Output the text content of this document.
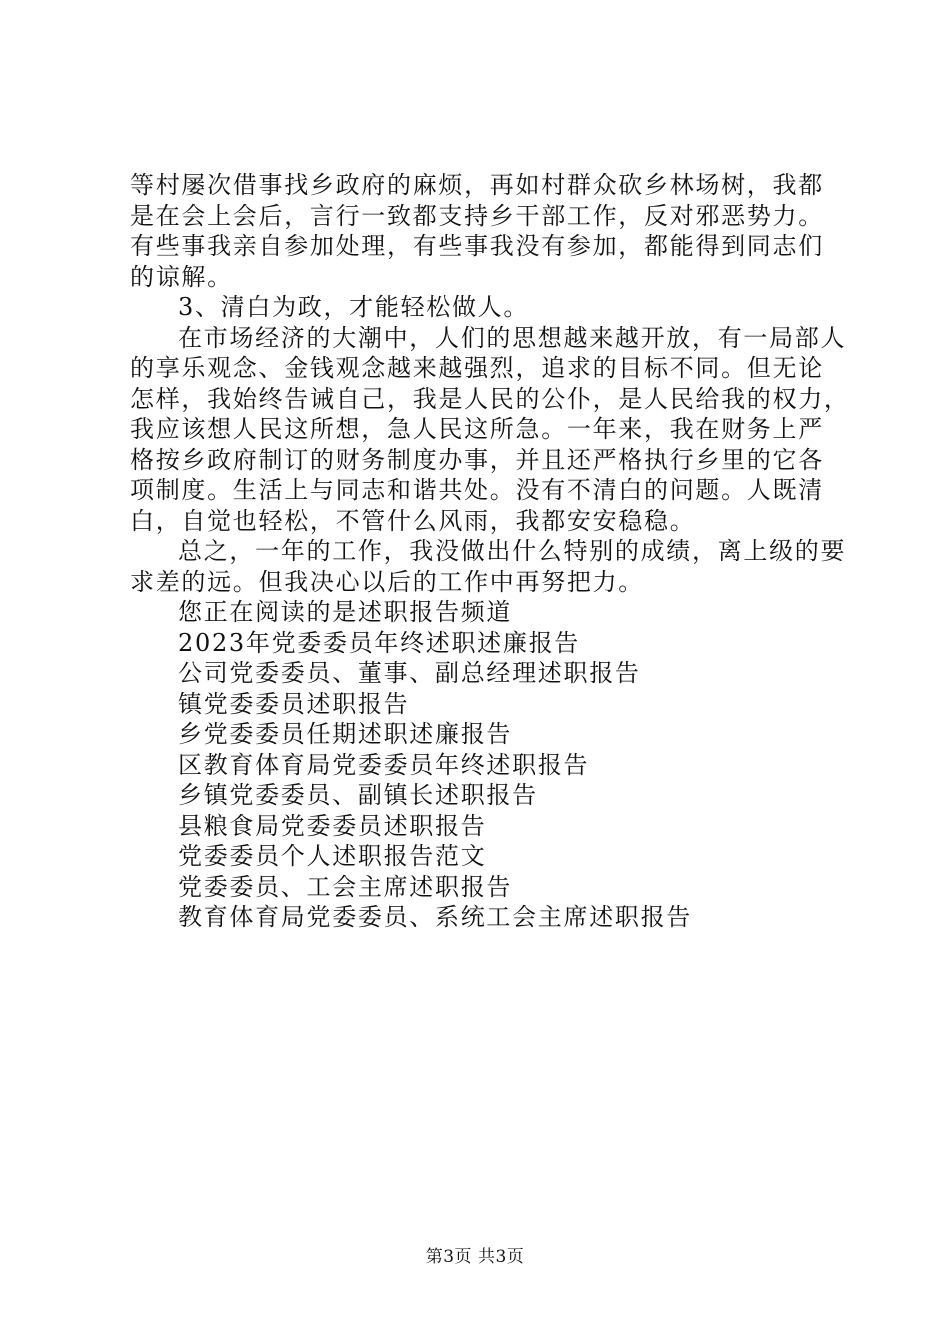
等村屡次借事找乡政府的麻烦，再如村群众砍乡林场树，我都
是在会上会后，言行一致都支持乡干部工作，反对邪恶势力。
有些事我亲自参加处理，有些事我没有参加，都能得到同志们
的谅解。
3、清白为政，才能轻松做人。
在市场经济的大潮中，人们的思想越来越开放，有一局部人
的享乐观念、金钱观念越来越强烈，追求的目标不同。但无论
怎样，我始终告诫自己，我是人民的公仆，是人民给我的权力，
我应该想人民这所想，急人民这所急。一年来，我在财务上严
格按乡政府制订的财务制度办事，并且还严格执行乡里的它各
项制度。生活上与同志和谐共处。没有不清白的问题。人既清
白，自觉也轻松，不管什么风雨，我都安安稳稳。
总之，一年的工作，我没做出什么特别的成绩，离上级的要
求差的远。但我决心以后的工作中再努把力。
您正在阅读的是述职报告频道
2023年党委委员年终述职述廉报告
公司党委委员、董事、副总经理述职报告
镇党委委员述职报告
乡党委委员任期述职述廉报告
区教育体育局党委委员年终述职报告
乡镇党委委员、副镇长述职报告
县粮食局党委委员述职报告
党委委员个人述职报告范文
党委委员、工会主席述职报告
教育体育局党委委员、系统工会主席述职报告
第3页 共3页
